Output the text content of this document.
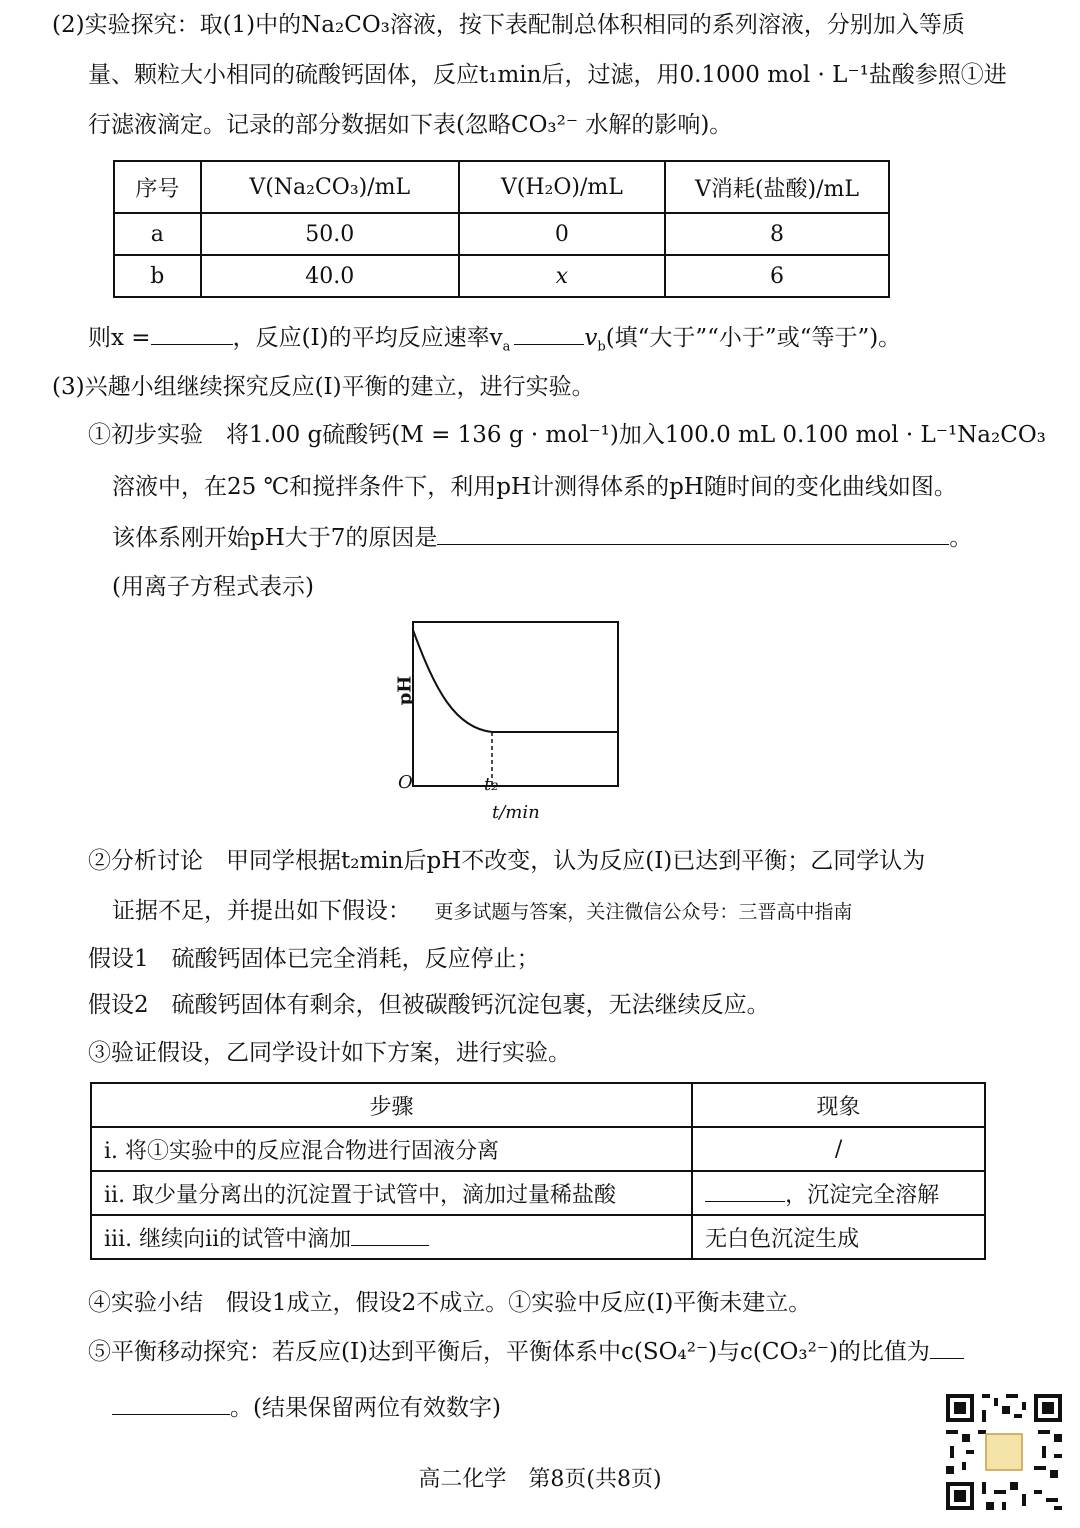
(2)实验探究：取(1)中的Na₂CO₃溶液，按下表配制总体积相同的系列溶液，分别加入等质
量、颗粒大小相同的硫酸钙固体，反应t₁min后，过滤，用0.1000 mol · L⁻¹盐酸参照①进
行滤液滴定。记录的部分数据如下表(忽略CO₃²⁻ 水解的影响)。
序号	V(Na₂CO₃)/mL	V(H₂O)/mL	V消耗(盐酸)/mL
a	50.0	0	8
b	40.0	x	6
则x =	，反应(Ⅰ)的平均反应速率$v_a$	$v_b$(填“大于”“小于”或“等于”)。
(3)兴趣小组继续探究反应(Ⅰ)平衡的建立，进行实验。
①初步实验　将1.00 g硫酸钙(M = 136 g · mol⁻¹)加入100.0 mL 0.100 mol · L⁻¹Na₂CO₃
溶液中，在25 ℃和搅拌条件下，利用pH计测得体系的pH随时间的变化曲线如图。
该体系刚开始pH大于7的原因是	。
(用离子方程式表示)
pH
O	t₂
t/min
②分析讨论　甲同学根据t₂min后pH不改变，认为反应(Ⅰ)已达到平衡；乙同学认为
证据不足，并提出如下假设： 更多试题与答案，关注微信公众号：三晋高中指南
假设1　硫酸钙固体已完全消耗，反应停止；
假设2　硫酸钙固体有剩余，但被碳酸钙沉淀包裹，无法继续反应。
③验证假设，乙同学设计如下方案，进行实验。
步骤	现象
ⅰ. 将①实验中的反应混合物进行固液分离	/
ⅱ. 取少量分离出的沉淀置于试管中，滴加过量稀盐酸	，沉淀完全溶解
ⅲ. 继续向ⅱ的试管中滴加	无白色沉淀生成
④实验小结　假设1成立，假设2不成立。①实验中反应(Ⅰ)平衡未建立。
⑤平衡移动探究：若反应(Ⅰ)达到平衡后，平衡体系中c(SO₄²⁻)与c(CO₃²⁻)的比值为
。(结果保留两位有效数字)
高二化学　第8页(共8页)
